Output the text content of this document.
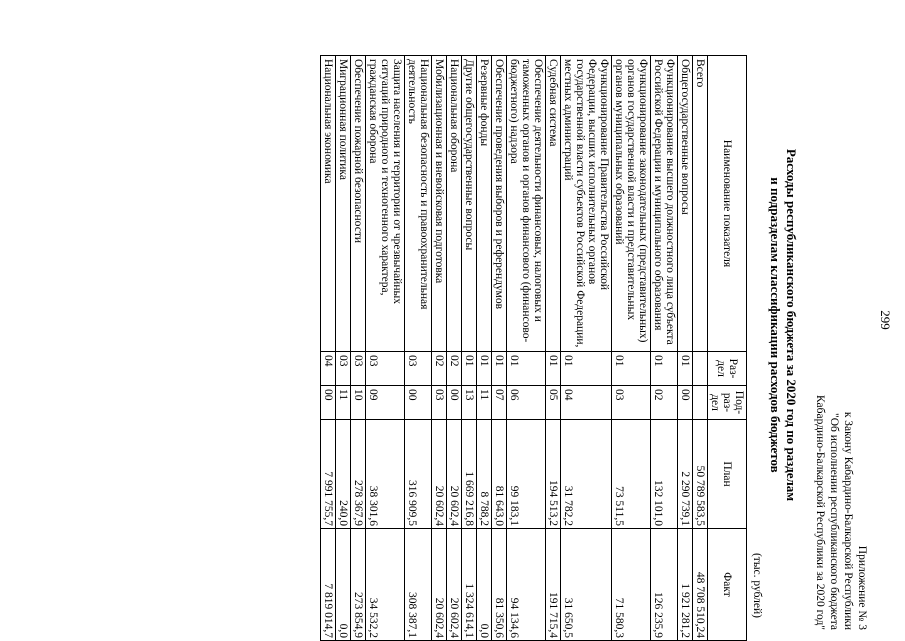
299
Приложение № 3
к Закону Кабардино-Балкарской Республики
"Об исполнении республиканского бюджета
Кабардино-Балкарской Республики за 2020 год"
Расходы республиканского бюджета за 2020 год по разделам
и подразделам классификации расходов бюджетов
(тыс. рублей)
Наименование показателя	Раз-дел	Под-раз-дел	План	Факт
Всего			50 789 583,5	48 708 510,24
Общегосударственные вопросы	01	00	2 290 739,1	1 921 281,2
Функционирование высшего должностного лица субъекта Российской Федерации и муниципального образования	01	02	132 101,0	126 235,9
Функционирование законодательных (представительных) органов государственной власти и представительных органов муниципальных образований	01	03	73 511,5	71 580,3
Функционирование Правительства Российской Федерации, высших исполнительных органов государственной власти субъектов Российской Федерации, местных администраций	01	04	31 782,2	31 650,5
Судебная система	01	05	194 513,2	191 715,4
Обеспечение деятельности финансовых, налоговых и таможенных органов и органов финансового (финансово-бюджетного) надзора	01	06	99 183,1	94 134,6
Обеспечение проведения выборов и референдумов	01	07	81 643,0	81 350,6
Резервные фонды	01	11	8 788,2	0,0
Другие общегосударственные вопросы	01	13	1 669 216,8	1 324 614,1
Национальная оборона	02	00	20 602,4	20 602,4
Мобилизационная и вневойсковая подготовка	02	03	20 602,4	20 602,4
Национальная безопасность и правоохранительная деятельность	03	00	316 909,5	308 387,1
Защита населения и территории от чрезвычайных ситуаций природного и техногенного характера, гражданская оборона	03	09	38 301,6	34 532,2
Обеспечение пожарной безопасности	03	10	278 367,9	273 854,9
Миграционная политика	03	11	240,0	0,0
Национальная экономика	04	00	7 991 755,7	7 819 014,7
